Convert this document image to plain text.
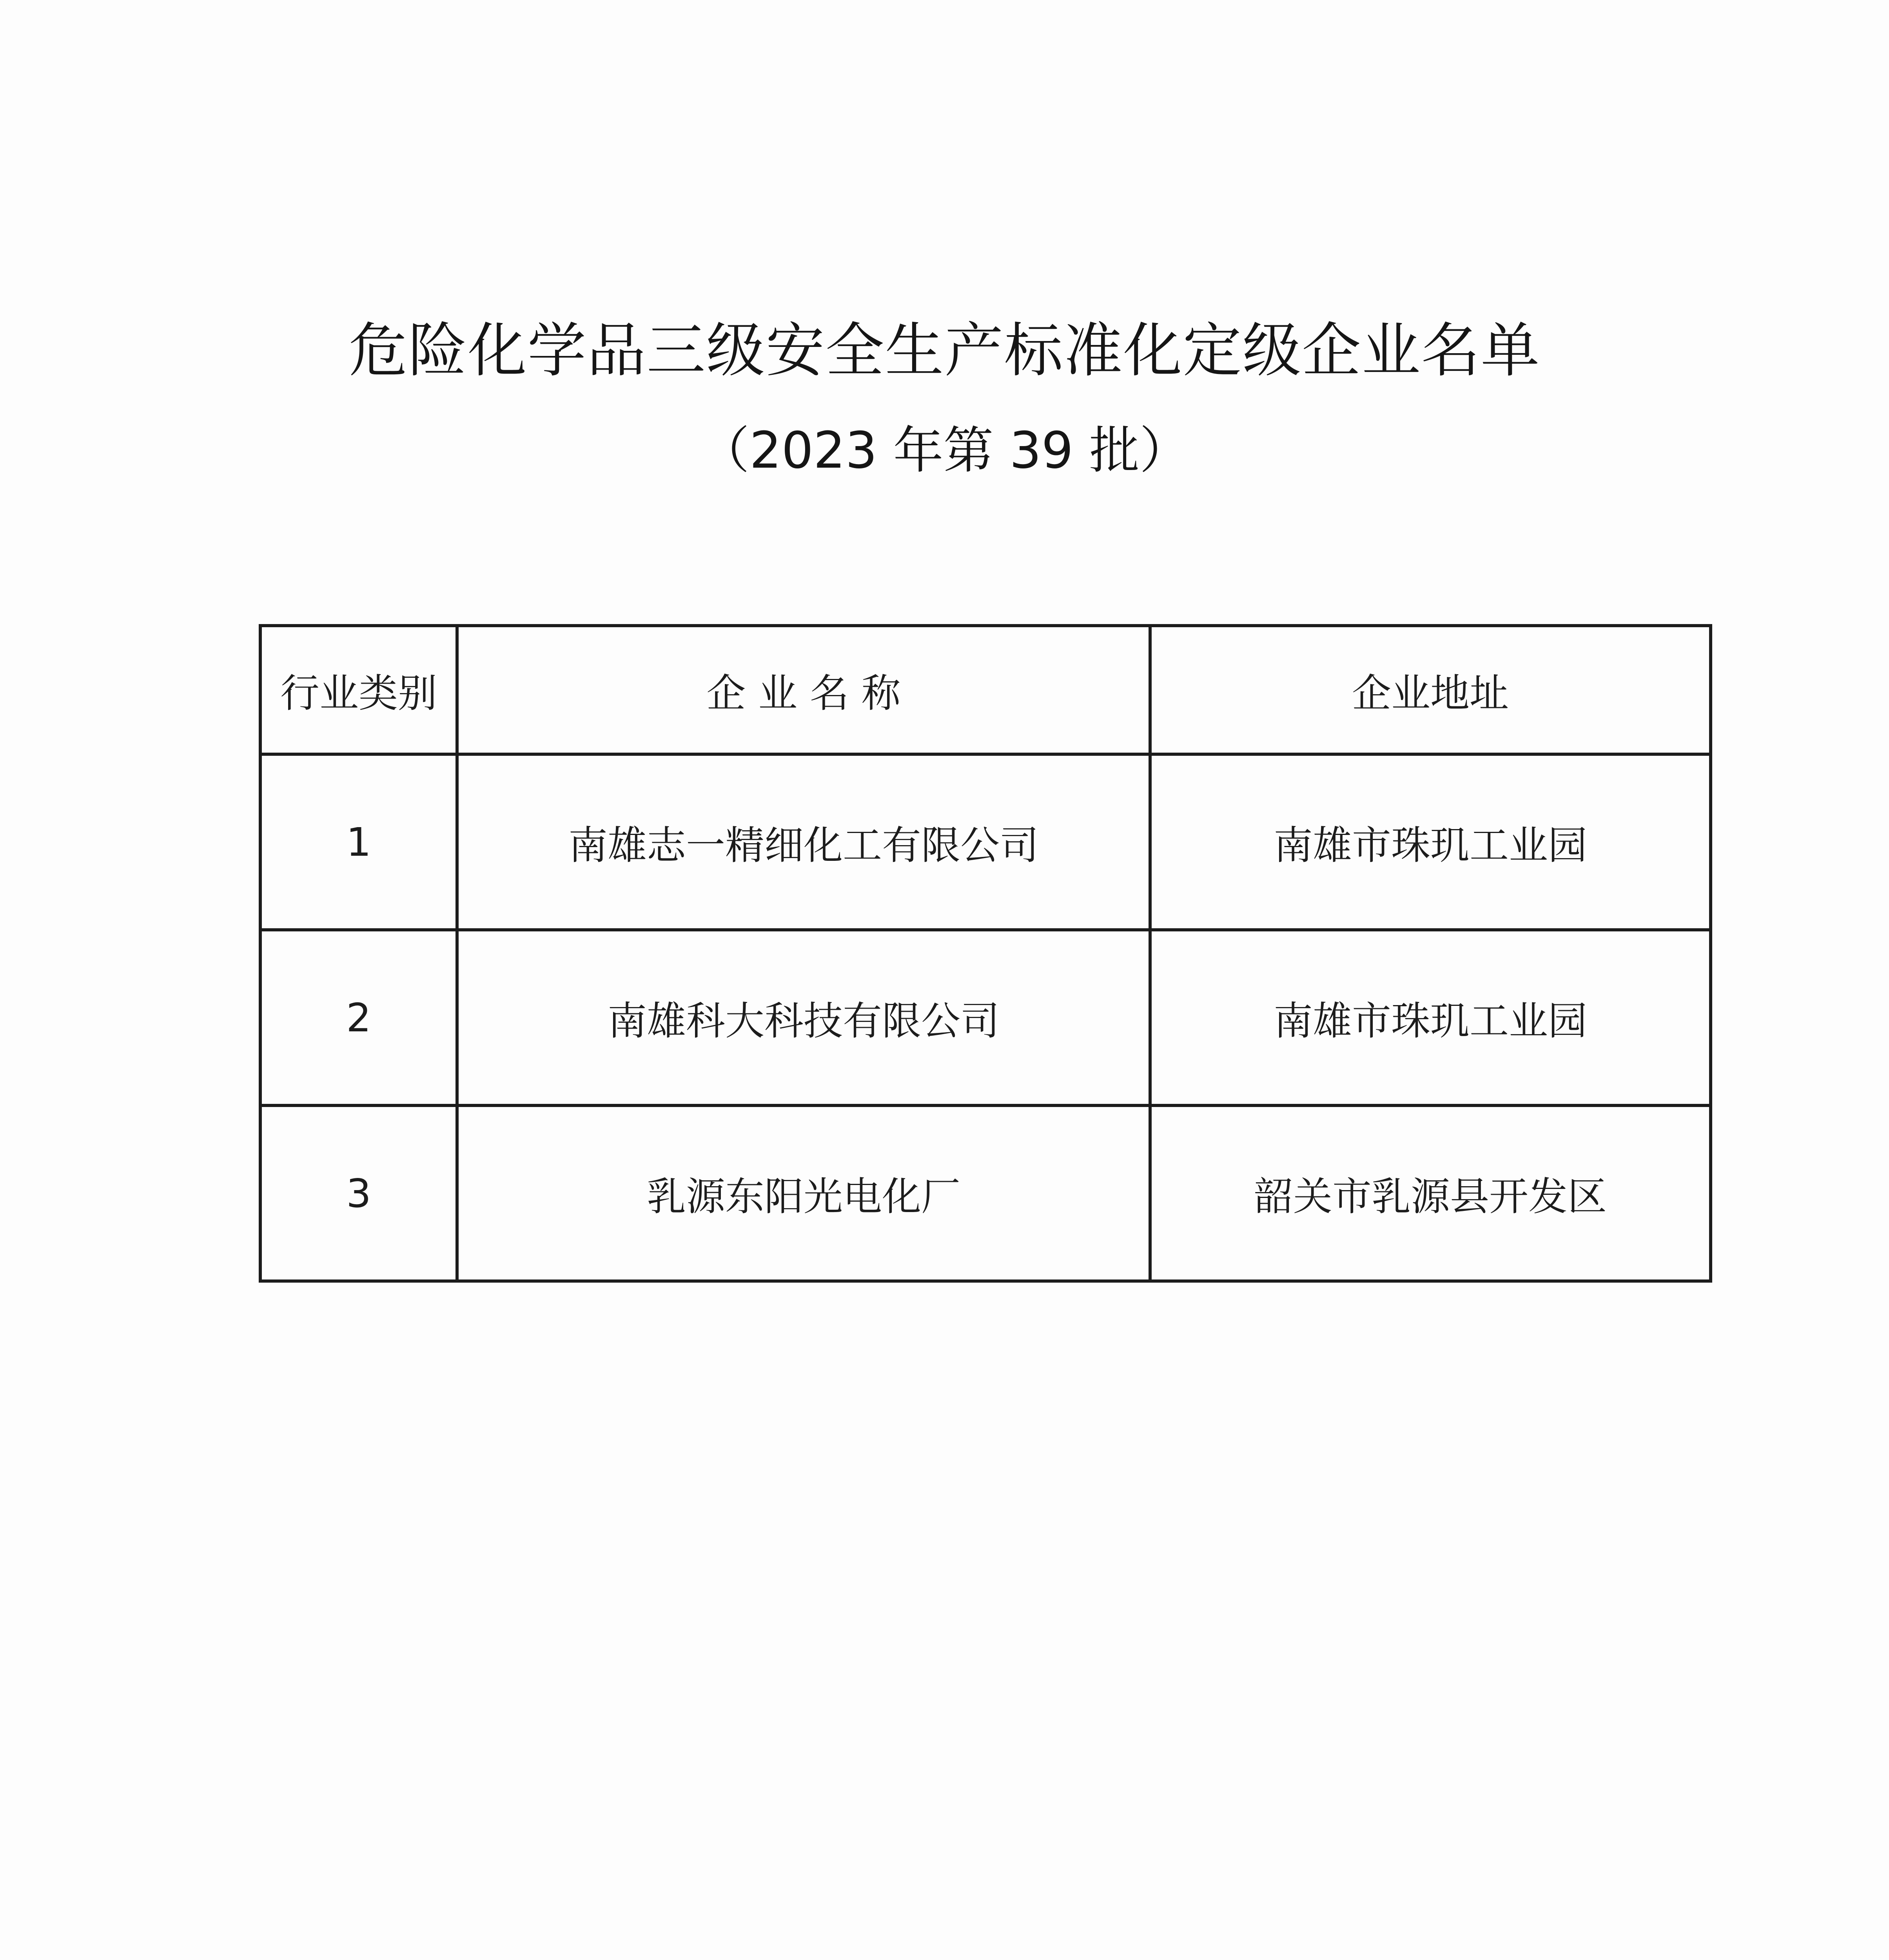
危险化学品三级安全生产标准化定级企业名单
（2023 年第 39 批）
行业类别	企 业 名 称	企业地址
1	南雄志一精细化工有限公司	南雄市珠玑工业园
2	南雄科大科技有限公司	南雄市珠玑工业园
3	乳源东阳光电化厂	韶关市乳源县开发区
